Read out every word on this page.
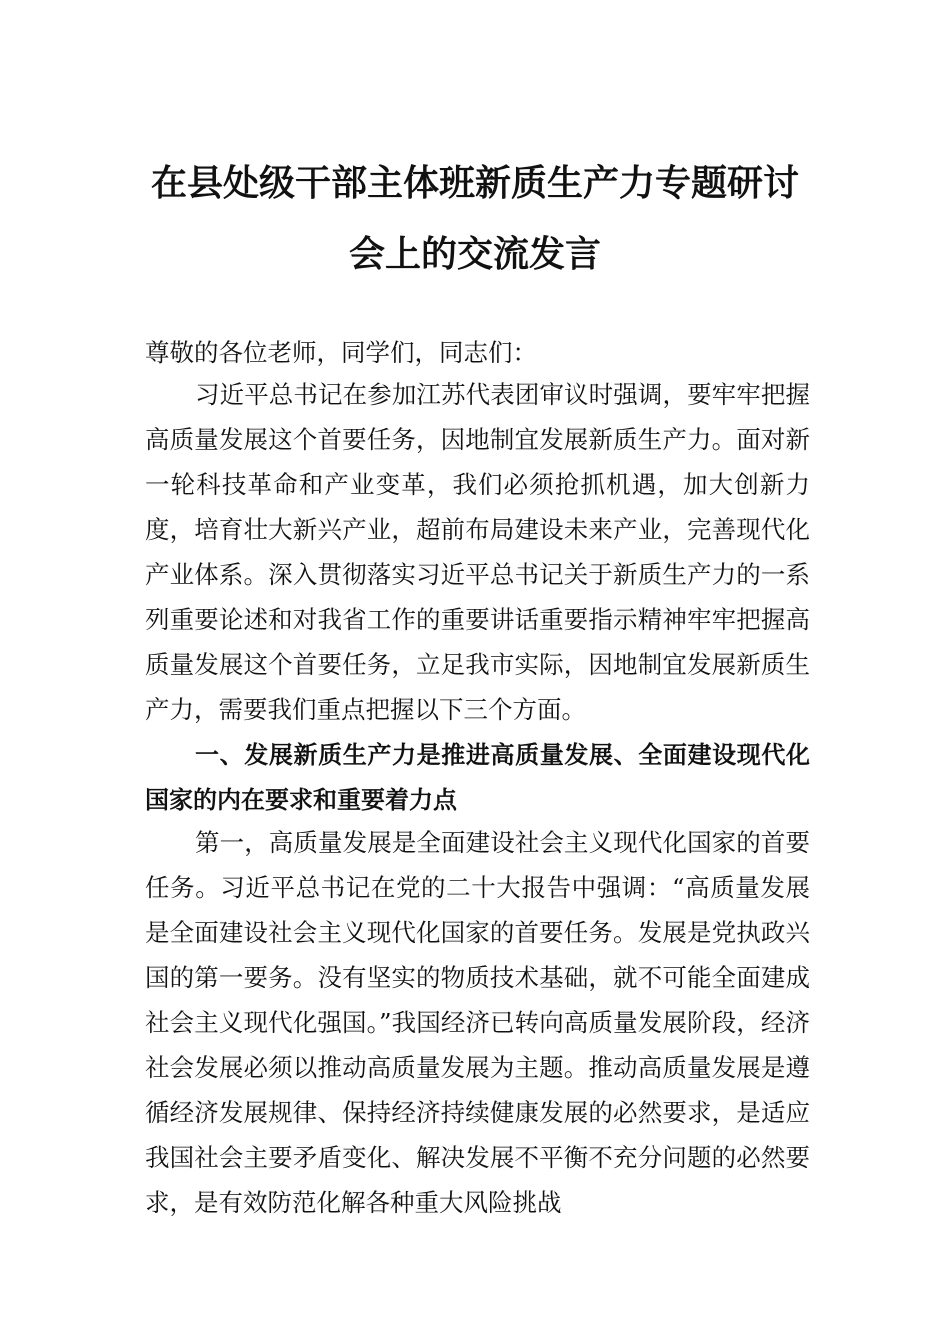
在县处级干部主体班新质生产力专题研讨
会上的交流发言
尊敬的各位老师，同学们，同志们：
习近平总书记在参加江苏代表团审议时强调，要牢牢把握高质量发展这个首要任务，因地制宜发展新质生产力。面对新一轮科技革命和产业变革，我们必须抢抓机遇，加大创新力度，培育壮大新兴产业，超前布局建设未来产业，完善现代化产业体系。深入贯彻落实习近平总书记关于新质生产力的一系列重要论述和对我省工作的重要讲话重要指示精神牢牢把握高质量发展这个首要任务，立足我市实际，因地制宜发展新质生产力，需要我们重点把握以下三个方面。
一、发展新质生产力是推进高质量发展、全面建设现代化国家的内在要求和重要着力点
第一，高质量发展是全面建设社会主义现代化国家的首要任务。习近平总书记在党的二十大报告中强调：“高质量发展是全面建设社会主义现代化国家的首要任务。发展是党执政兴国的第一要务。没有坚实的物质技术基础，就不可能全面建成社会主义现代化强国。”我国经济已转向高质量发展阶段，经济社会发展必须以推动高质量发展为主题。推动高质量发展是遵循经济发展规律、保持经济持续健康发展的必然要求，是适应我国社会主要矛盾变化、解决发展不平衡不充分问题的必然要求，是有效防范化解各种重大风险挑战
